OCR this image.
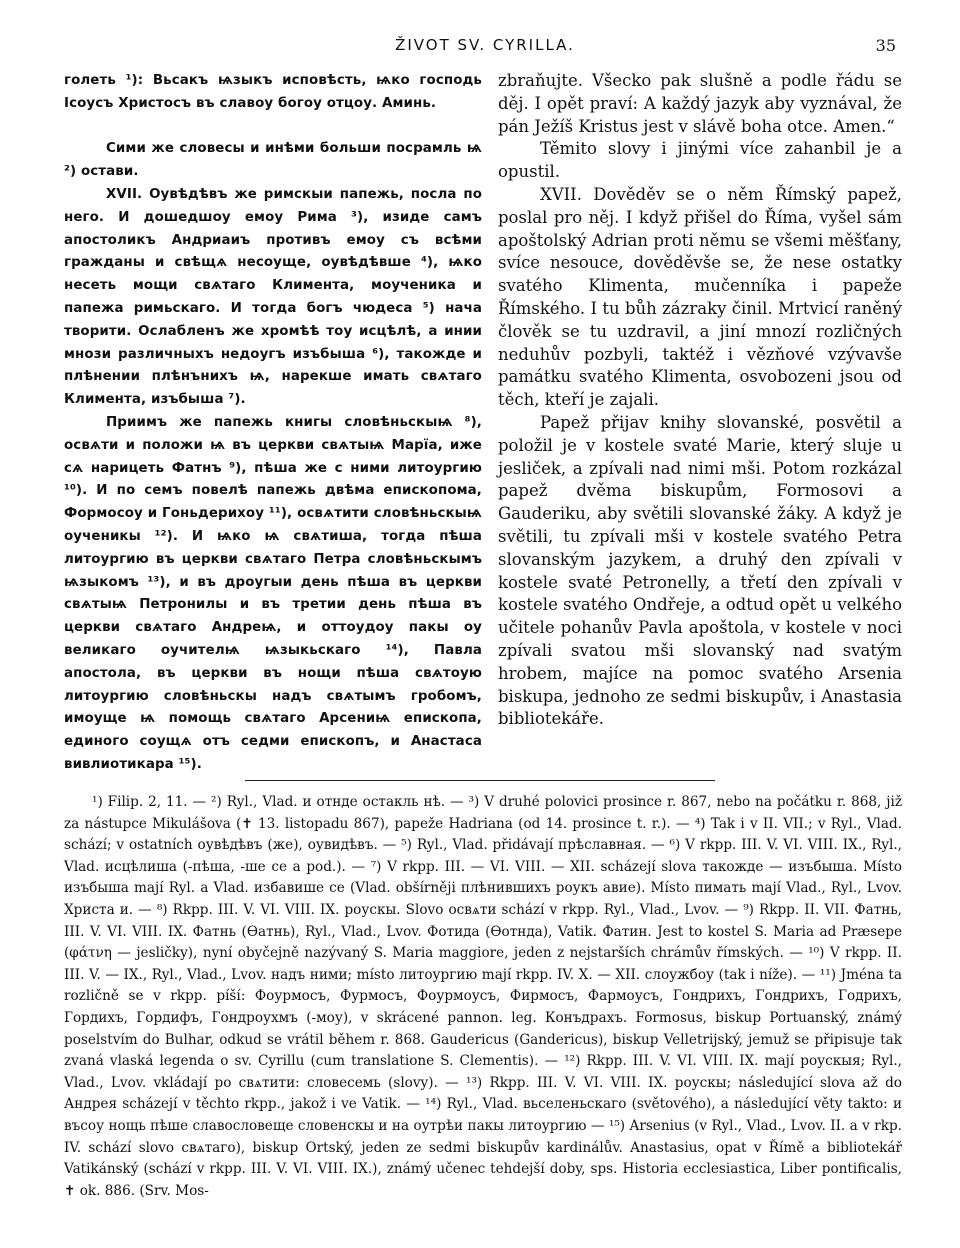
ŽIVOT SV. CYRILLA.	35

голеть ¹): Вьсакъ ѩзыкъ исповѣсть, ѩко господь Ісоусъ Христосъ въ славоу богоу отцоу. Аминь.

Сими же словесы и инѣми больши посрамль ѩ ²) остави.

XVII. Оувѣдѣвъ же римскыи папежь, посла по него. И дошедшоу емоу Рима ³), изиде самъ апостоликъ Андриаиъ противъ емоу съ всѣми гражданы и свѣщѧ несоуще, оувѣдѣвше ⁴), ѩко несеть мощи свѧтаго Климента, моученика и папежа римьскаго. И тогда богъ чюдеса ⁵) нача творити. Ослабленъ же хромѣѣ тоу исцѣлѣ, а инии мнози различныхъ недоугъ изъбыша ⁶), такожде и плѣнении плѣнънихъ ѩ, нарекше имать свѧтаго Климента, изъбыша ⁷).

Приимъ же папежь книгы словѣньскыѩ ⁸), освѧти и положи ѩ въ церкви свѧтыѩ Марїа, иже сѧ нарицеть Фатнъ ⁹), пѣша же с ними литоургию ¹⁰). И по семъ повелѣ папежь двѣма епископома, Формосоу и Гоньдерихоу ¹¹), освѧтити словѣньскыѩ оученикы ¹²). И ѩко ѩ свѧтиша, тогда пѣша литоургию въ церкви свѧтаго Петра словѣньскымъ ѩзыкомъ ¹³), и въ дроугыи день пѣша въ церкви свѧтыѩ Петронилы и въ третии день пѣша въ церкви свѧтаго Андреѩ, и оттоудоу пакы оу великаго оучителѩ ѩзыкьскаго ¹⁴), Павла апостола, въ церкви въ нощи пѣша свѧтоую литоургию словѣньскы надъ свѧтымъ гробомъ, имоуще ѩ помощь свѧтаго Арсениѩ епископа, единого соущѧ отъ седми епископъ, и Анастаса вивлиотикара ¹⁵).

zbraňujte. Všecko pak slušně a podle řádu se děj. I opět praví: A každý jazyk aby vyznával, že pán Ježíš Kristus jest v slávě boha otce. Amen.“

Těmito slovy i jinými více zahanbil je a opustil.

XVII. Dověděv se o něm Římský papež, poslal pro něj. I když přišel do Říma, vyšel sám apoštolský Adrian proti němu se všemi měšťany, svíce nesouce, dověděvše se, že nese ostatky svatého Klimenta, mučenníka i papeže Římského. I tu bůh zázraky činil. Mrtvicí raněný člověk se tu uzdravil, a jiní mnozí rozličných neduhův pozbyli, taktéž i vězňové vzývavše památku svatého Klimenta, osvobozeni jsou od těch, kteří je zajali.

Papež přijav knihy slovanské, posvětil a položil je v kostele svaté Marie, který sluje u jesliček, a zpívali nad nimi mši. Potom rozkázal papež dvěma biskupům, Formosovi a Gauderiku, aby světili slovanské žáky. A když je světili, tu zpívali mši v kostele svatého Petra slovanským jazykem, a druhý den zpívali v kostele svaté Petronelly, a třetí den zpívali v kostele svatého Ondřeje, a odtud opět u velkého učitele pohanův Pavla apoštola, v kostele v noci zpívali svatou mši slovanský nad svatým hrobem, majíce na pomoc svatého Arsenia biskupa, jednoho ze sedmi biskupův, i Anastasia bibliotekáře.

¹) Filip. 2, 11. — ²) Ryl., Vlad. и отнде остакль нѣ. — ³) V druhé polovici prosince r. 867, nebo na počátku r. 868, již za nástupce Mikulášova (✝ 13. listopadu 867), papeže Hadriana (od 14. prosince t. r.). — ⁴) Tak i v II. VII.; v Ryl., Vlad. schází; v ostatních оувѣдѣвъ (же), оувидѣвъ. — ⁵) Ryl., Vlad. přidávají прѣславная. — ⁶) V rkpp. III. V. VI. VIII. IX., Ryl., Vlad. исцѣлиша (-пѣша, -ше се a pod.). — ⁷) V rkpp. III. — VI. VIII. — XII. scházejí slova такожде — изъбыша. Místo изъбыша mají Ryl. a Vlad. избавише се (Vlad. obšírněji плѣнившихъ роукъ авие). Místo пимать mají Vlad., Ryl., Lvov. Христа и. — ⁸) Rkpp. III. V. VI. VIII. IX. роускы. Slovo освѧти schází v rkpp. Ryl., Vlad., Lvov. — ⁹) Rkpp. II. VII. Фатнь, III. V. VI. VIII. IX. Фатнь (Өатнь), Ryl., Vlad., Lvov. Фотида (Өотнда), Vatik. Фатин. Jest to kostel S. Maria ad Præsepe (φάτνη — jesličky), nyní obyčejně nazývaný S. Maria maggiore, jeden z nejstarších chrámův římských. — ¹⁰) V rkpp. II. III. V. — IX., Ryl., Vlad., Lvov. надъ ними; místo литоургию mají rkpp. IV. X. — XII. слоужбоу (tak i níže). — ¹¹) Jména ta rozličně se v rkpp. píší: Фоурмосъ, Фурмосъ, Фоурмоусъ, Фирмосъ, Фармоусъ, Гондрихъ, Гондрихъ, Годрихъ, Гордихъ, Гордифъ, Гондроухмъ (-моу), v skrácené pannon. leg. Конъдрахъ. Formosus, biskup Portuanský, známý poselstvím do Bulhar, odkud se vrátil během r. 868. Gaudericus (Gandericus), biskup Velletrijský, jemuž se připisuje tak zvaná vlaská legenda o sv. Cyrillu (cum translatione S. Clementis). — ¹²) Rkpp. III. V. VI. VIII. IX. mají роускыя; Ryl., Vlad., Lvov. vkládají po свѧтити: словесемь (slovy). — ¹³) Rkpp. III. V. VI. VIII. IX. роускы; následující slova až do Андрея scházejí v těchto rkpp., jakož i ve Vatik. — ¹⁴) Ryl., Vlad. вьселеньскаго (světového), a následující věty takto: и въсоу нощь пѣше славословеще словенскы и на оутрѣи пакы литоургию — ¹⁵) Arsenius (v Ryl., Vlad., Lvov. II. a v rkp. IV. schází slovo свѧтаго), biskup Ortský, jeden ze sedmi biskupův kardinálův. Anastasius, opat v Římě a bibliotekář Vatikánský (schází v rkpp. III. V. VI. VIII. IX.), známý učenec tehdejší doby, sps. Historia ecclesiastica, Liber pontificalis, ✝ ok. 886. (Srv. Mos-
